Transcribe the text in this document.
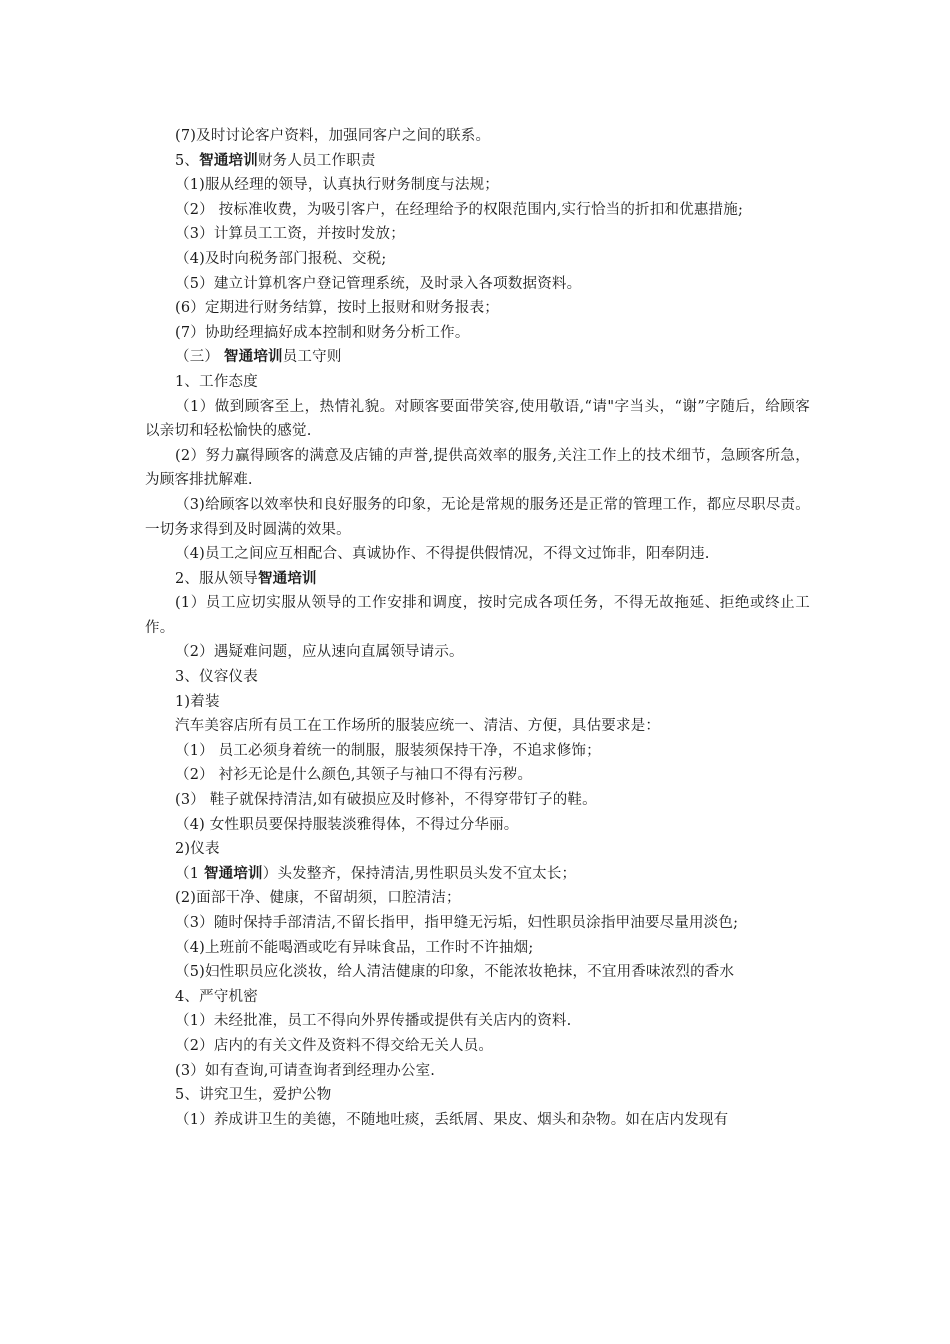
(7)及时讨论客户资料，加强同客户之间的联系。
5、智通培训财务人员工作职责
（1)服从经理的领导，认真执行财务制度与法规；
（2） 按标准收费，为吸引客户，在经理给予的权限范围内,实行恰当的折扣和优惠措施;
（3）计算员工工资，并按时发放；
（4)及时向税务部门报税、交税;
（5）建立计算机客户登记管理系统，及时录入各项数据资料。
(6）定期进行财务结算，按时上报财和财务报表；
(7）协助经理搞好成本控制和财务分析工作。
（三） 智通培训员工守则
1、工作态度
（1）做到顾客至上，热情礼貌。对顾客要面带笑容,使用敬语,“请"字当头，“谢”字随后，给顾客以亲切和轻松愉快的感觉.
(2）努力赢得顾客的满意及店铺的声誉,提供高效率的服务,关注工作上的技术细节，急顾客所急，为顾客排扰解难.
（3)给顾客以效率快和良好服务的印象，无论是常规的服务还是正常的管理工作，都应尽职尽责。一切务求得到及时圆满的效果。
（4)员工之间应互相配合、真诚协作、不得提供假情况，不得文过饰非，阳奉阴违.
2、服从领导智通培训
(1）员工应切实服从领导的工作安排和调度，按时完成各项任务，不得无故拖延、拒绝或终止工作。
（2）遇疑难问题，应从速向直属领导请示。
3、仪容仪表
1)着装
汽车美容店所有员工在工作场所的服装应统一、清洁、方便，具估要求是：
（1） 员工必须身着统一的制服，服装须保持干净，不追求修饰；
（2） 衬衫无论是什么颜色,其领子与袖口不得有污秽。
(3） 鞋子就保持清洁,如有破损应及时修补，不得穿带钉子的鞋。
（4) 女性职员要保持服装淡雅得体，不得过分华丽。
2)仪表
（1 智通培训）头发整齐，保持清洁,男性职员头发不宜太长；
(2)面部干净、健康，不留胡须，口腔清洁；
（3）随时保持手部清洁,不留长指甲，指甲缝无污垢，妇性职员涂指甲油要尽量用淡色;
（4)上班前不能喝酒或吃有异味食品，工作时不许抽烟;
（5)妇性职员应化淡妆，给人清洁健康的印象，不能浓妆艳抹，不宜用香味浓烈的香水
4、严守机密
（1）未经批准，员工不得向外界传播或提供有关店内的资料.
（2）店内的有关文件及资料不得交给无关人员。
(3）如有查询,可请查询者到经理办公室.
5、讲究卫生，爱护公物
（1）养成讲卫生的美德，不随地吐痰，丢纸屑、果皮、烟头和杂物。如在店内发现有
